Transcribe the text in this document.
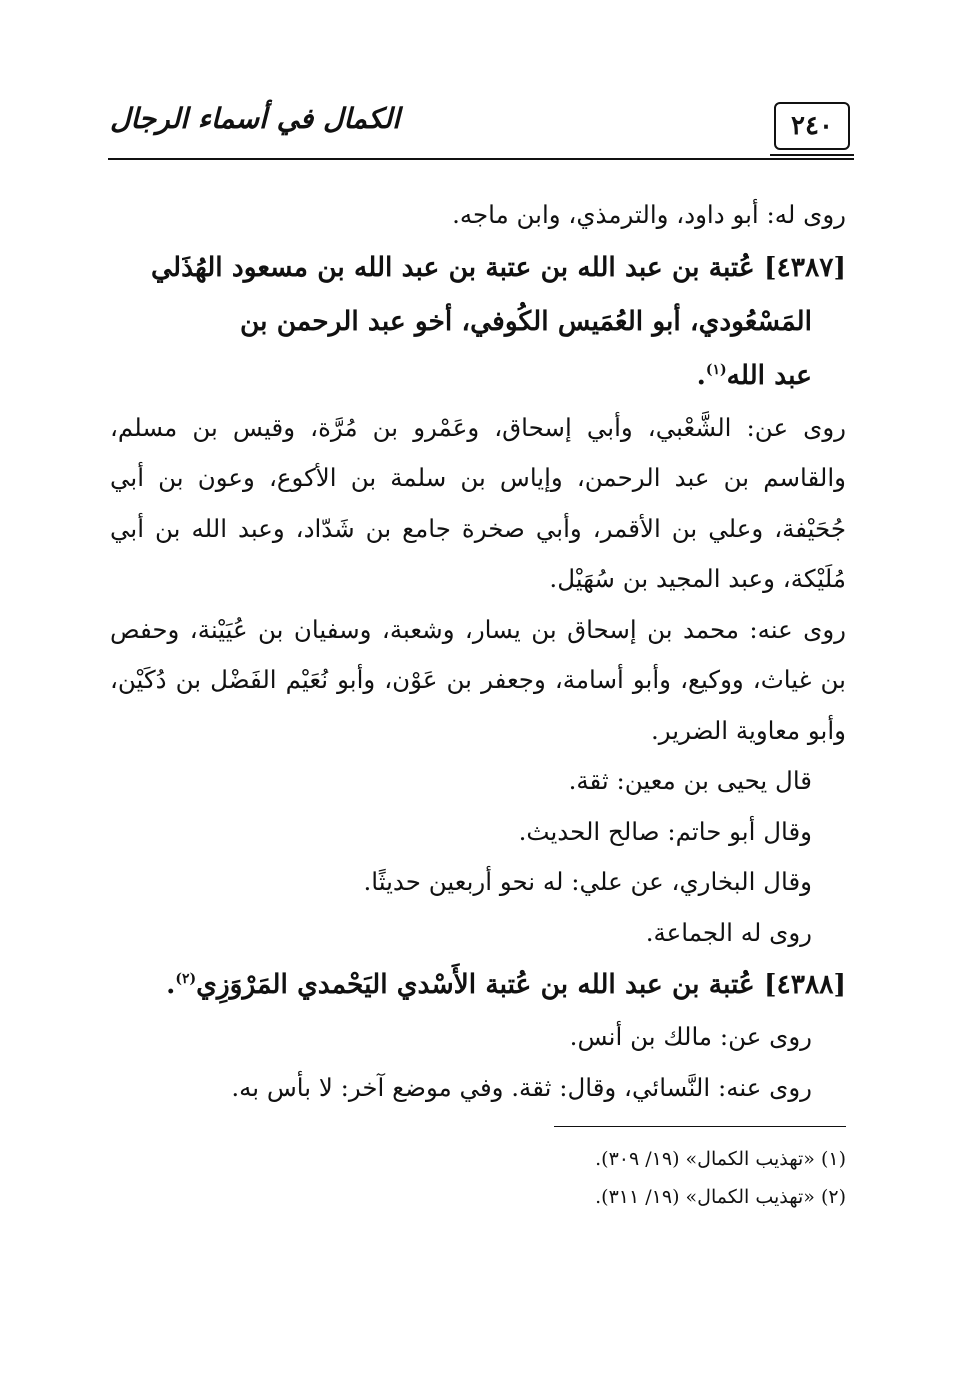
٢٤٠
الكمال في أسماء الرجال

روى له: أبو داود، والترمذي، وابن ماجه.

[٤٣٨٧] عُتبة بن عبد الله بن عتبة بن عبد الله بن مسعود الهُذَلي

المَسْعُودي، أبو العُمَيس الكُوفي، أخو عبد الرحمن بن

عبد الله$^{(١)}$.

روى عن: الشَّعْبي، وأبي إسحاق، وعَمْرو بن مُرَّة، وقيس بن مسلم، والقاسم بن عبد الرحمن، وإياس بن سلمة بن الأكوع، وعون بن أبي جُحَيْفة، وعلي بن الأقمر، وأبي صخرة جامع بن شَدّاد، وعبد الله بن أبي مُلَيْكة، وعبد المجيد بن سُهَيْل.

روى عنه: محمد بن إسحاق بن يسار، وشعبة، وسفيان بن عُيَيْنة، وحفص بن غياث، ووكيع، وأبو أسامة، وجعفر بن عَوْن، وأبو نُعَيْم الفَضْل بن دُكَيْن، وأبو معاوية الضرير.

قال يحيى بن معين: ثقة.

وقال أبو حاتم: صالح الحديث.

وقال البخاري، عن علي: له نحو أربعين حديثًا.

روى له الجماعة.

[٤٣٨٨] عُتبة بن عبد الله بن عُتبة الأَسْدي اليَحْمدي المَرْوَزِي$^{(٢)}$.

روى عن: مالك بن أنس.

روى عنه: النَّسائي، وقال: ثقة. وفي موضع آخر: لا بأس به.

(١) «تهذيب الكمال» (١٩/ ٣٠٩).

(٢) «تهذيب الكمال» (١٩/ ٣١١).
